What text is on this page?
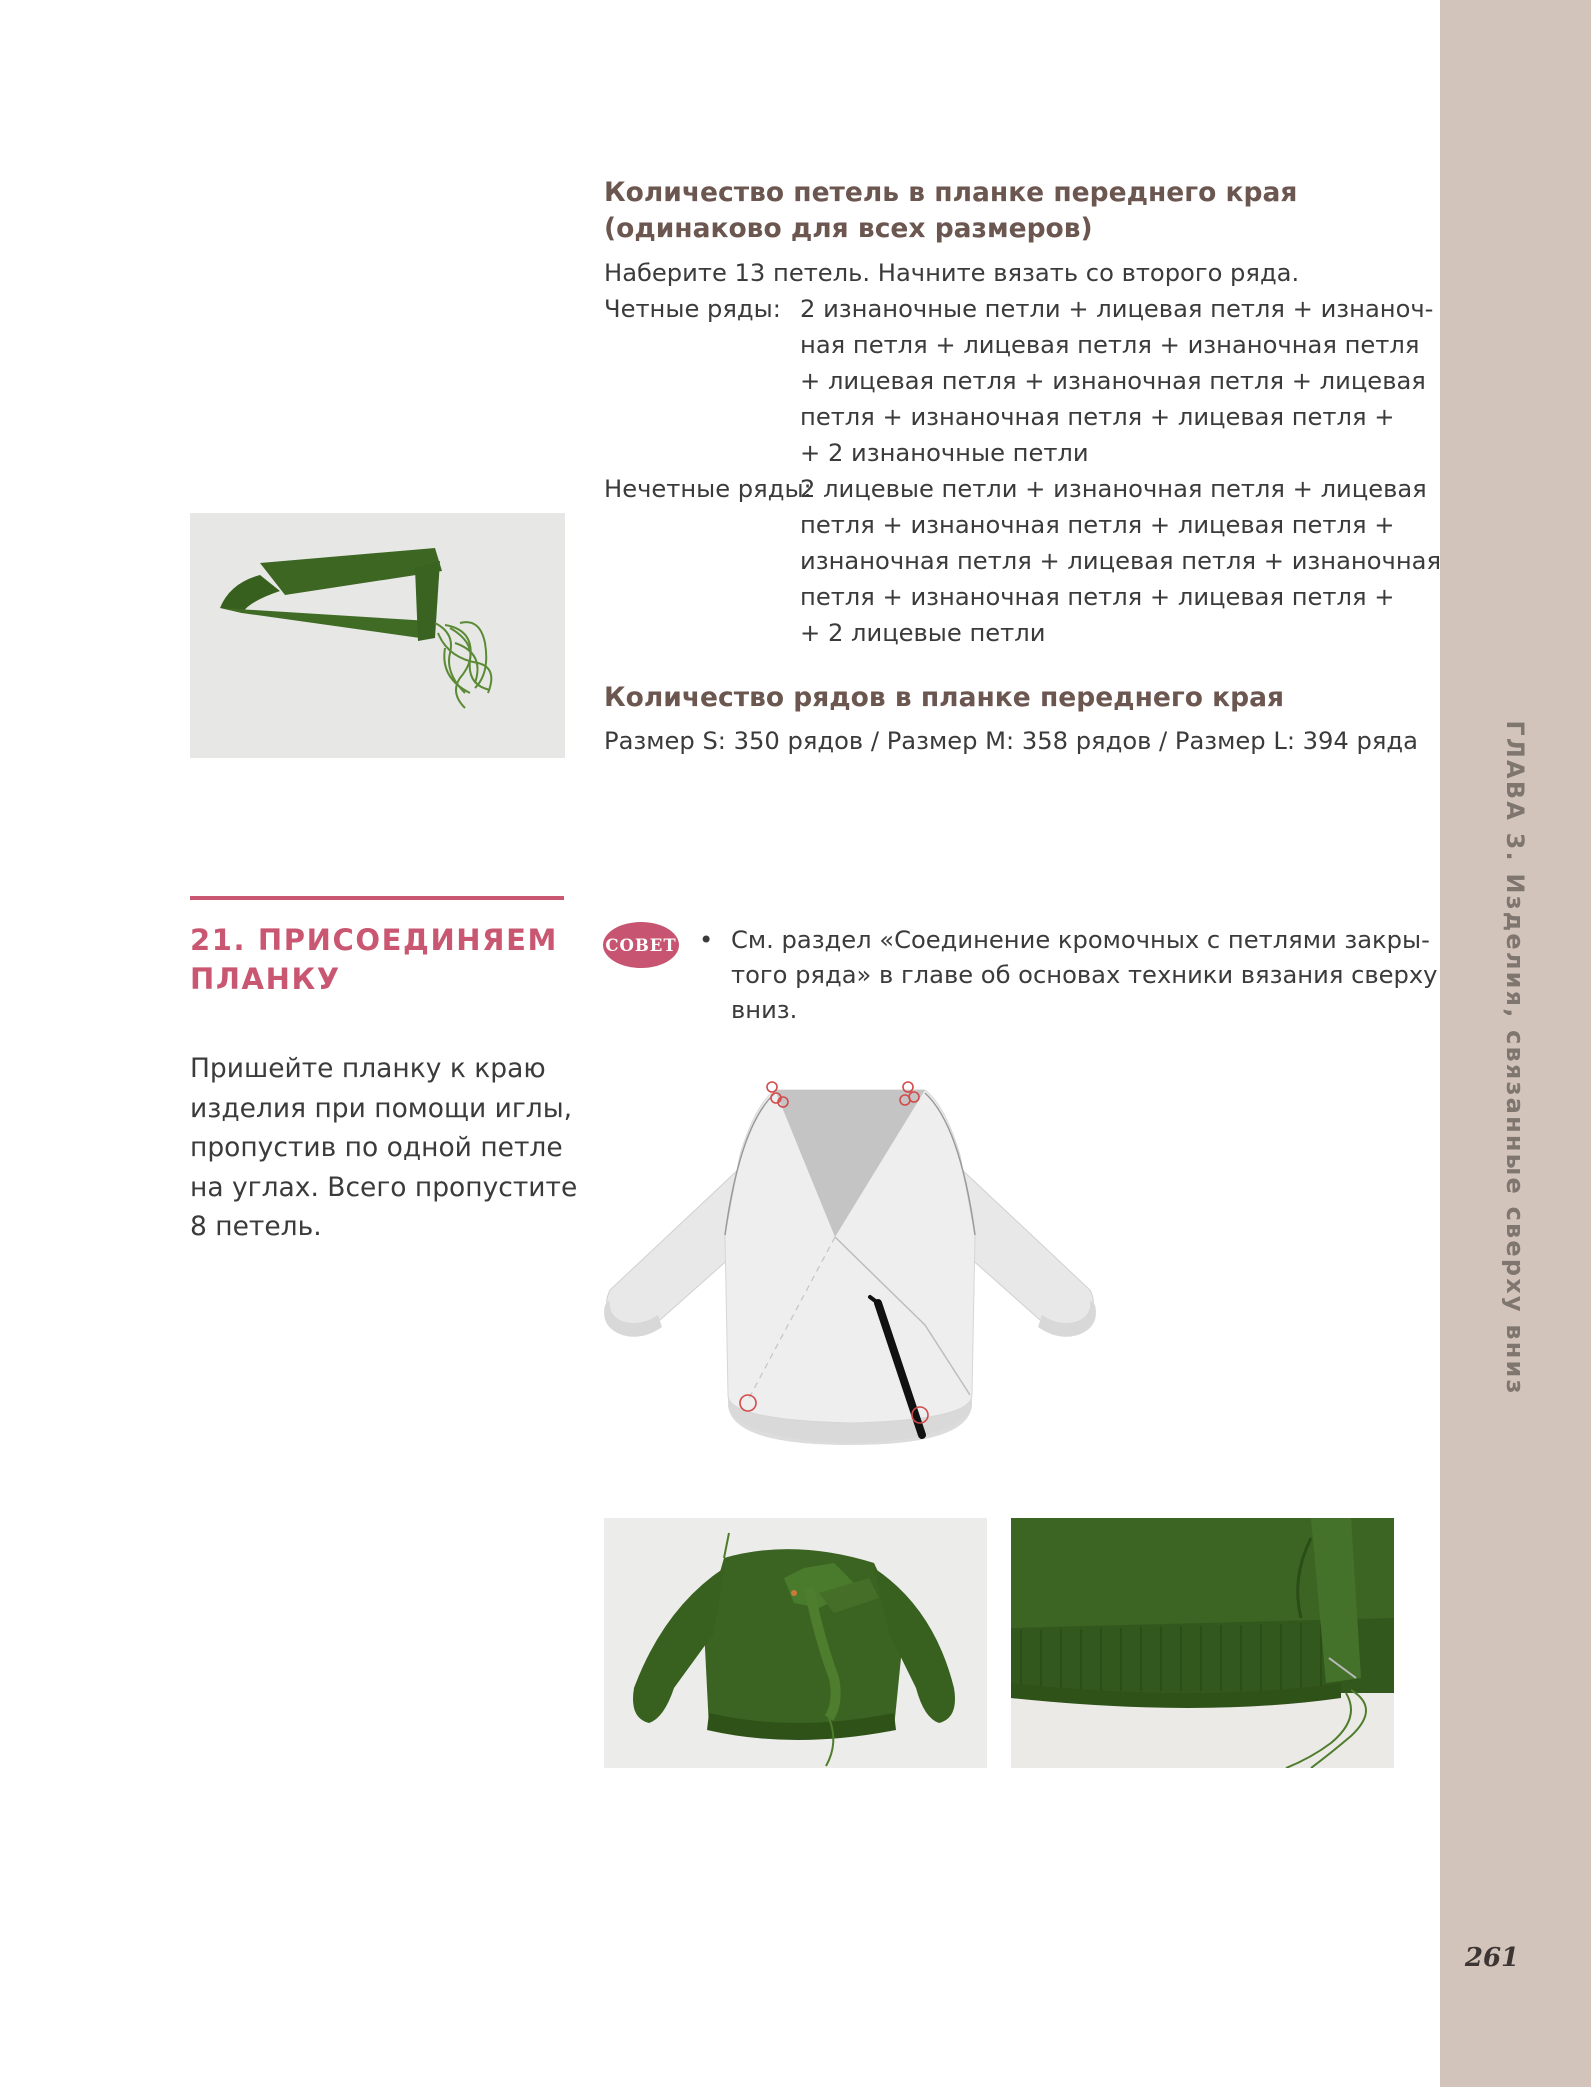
ГЛАВА 3. Изделия, связанные сверху вниз
261
Количество петель в планке переднего края
(одинаково для всех размеров)
Наберите 13 петель. Начните вязать со второго ряда.
Четные ряды: 2 изнаночные петли + лицевая петля + изнаноч-
ная петля + лицевая петля + изнаночная петля
+ лицевая петля + изнаночная петля + лицевая
петля + изнаночная петля + лицевая петля +
+ 2 изнаночные петли
Нечетные ряды:
2 лицевые петли + изнаночная петля + лицевая
петля + изнаночная петля + лицевая петля +
изнаночная петля + лицевая петля + изнаночная
петля + изнаночная петля + лицевая петля +
+ 2 лицевые петли
Количество рядов в планке переднего края
Размер S: 350 рядов / Размер M: 358 рядов / Размер L: 394 ряда
21. ПРИСОЕДИНЯЕМ
ПЛАНКУ
Пришейте планку к краю
изделия при помощи иглы,
пропустив по одной петле
на углах. Всего пропустите
8 петель.
СОВЕТ • См. раздел «Соединение кромочных с петлями закры-
того ряда» в главе об основах техники вязания сверху
вниз.
